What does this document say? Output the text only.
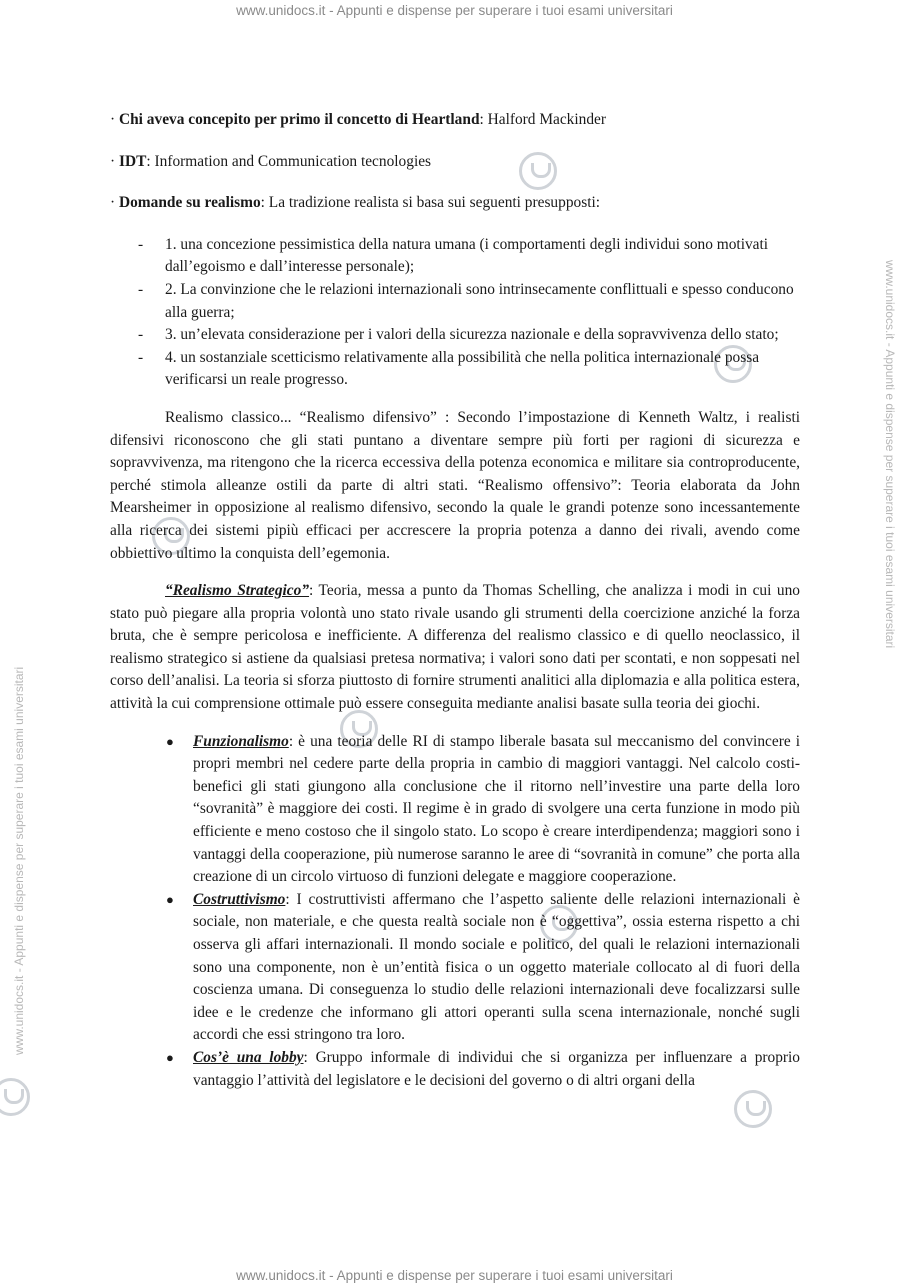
www.unidocs.it - Appunti e dispense per superare i tuoi esami universitari
www.unidocs.it - Appunti e dispense per superare i tuoi esami universitari
www.unidocs.it - Appunti e dispense per superare i tuoi esami universitari

· Chi aveva concepito per primo il concetto di Heartland: Halford Mackinder

· IDT: Information and Communication tecnologies

· Domande su realismo: La tradizione realista si basa sui seguenti presupposti:

- 1. una concezione pessimistica della natura umana (i comportamenti degli individui sono motivati dall’egoismo e dall’interesse personale);
- 2. La convinzione che le relazioni internazionali sono intrinsecamente conflittuali e spesso conducono alla guerra;
- 3. un’elevata considerazione per i valori della sicurezza nazionale e della sopravvivenza dello stato;
- 4. un sostanziale scetticismo relativamente alla possibilità che nella politica internazionale possa verificarsi un reale progresso.

Realismo classico... “Realismo difensivo” : Secondo l’impostazione di Kenneth Waltz, i realisti difensivi riconoscono che gli stati puntano a diventare sempre più forti per ragioni di sicurezza e sopravvivenza, ma ritengono che la ricerca eccessiva della potenza economica e militare sia controproducente, perché stimola alleanze ostili da parte di altri stati. “Realismo offensivo”: Teoria elaborata da John Mearsheimer in opposizione al realismo difensivo, secondo la quale le grandi potenze sono incessantemente alla ricerca dei sistemi pipiù efficaci per accrescere la propria potenza a danno dei rivali, avendo come obbiettivo ultimo la conquista dell’egemonia.

“Realismo Strategico”: Teoria, messa a punto da Thomas Schelling, che analizza i modi in cui uno stato può piegare alla propria volontà uno stato rivale usando gli strumenti della coercizione anziché la forza bruta, che è sempre pericolosa e inefficiente. A differenza del realismo classico e di quello neoclassico, il realismo strategico si astiene da qualsiasi pretesa normativa; i valori sono dati per scontati, e non soppesati nel corso dell’analisi. La teoria si sforza piuttosto di fornire strumenti analitici alla diplomazia e alla politica estera, attività la cui comprensione ottimale può essere conseguita mediante analisi basate sulla teoria dei giochi.

● Funzionalismo: è una teoria delle RI di stampo liberale basata sul meccanismo del convincere i propri membri nel cedere parte della propria in cambio di maggiori vantaggi. Nel calcolo costi-benefici gli stati giungono alla conclusione che il ritorno nell’investire una parte della loro “sovranità” è maggiore dei costi. Il regime è in grado di svolgere una certa funzione in modo più efficiente e meno costoso che il singolo stato. Lo scopo è creare interdipendenza; maggiori sono i vantaggi della cooperazione, più numerose saranno le aree di “sovranità in comune” che porta alla creazione di un circolo virtuoso di funzioni delegate e maggiore cooperazione.
● Costruttivismo: I costruttivisti affermano che l’aspetto saliente delle relazioni internazionali è sociale, non materiale, e che questa realtà sociale non è “oggettiva”, ossia esterna rispetto a chi osserva gli affari internazionali. Il mondo sociale e politico, del quali le relazioni internazionali sono una componente, non è un’entità fisica o un oggetto materiale collocato al di fuori della coscienza umana. Di conseguenza lo studio delle relazioni internazionali deve focalizzarsi sulle idee e le credenze che informano gli attori operanti sulla scena internazionale, nonché sugli accordi che essi stringono tra loro.
● Cos’è una lobby: Gruppo informale di individui che si organizza per influenzare a proprio vantaggio l’attività del legislatore e le decisioni del governo o di altri organi della
www.unidocs.it - Appunti e dispense per superare i tuoi esami universitari
